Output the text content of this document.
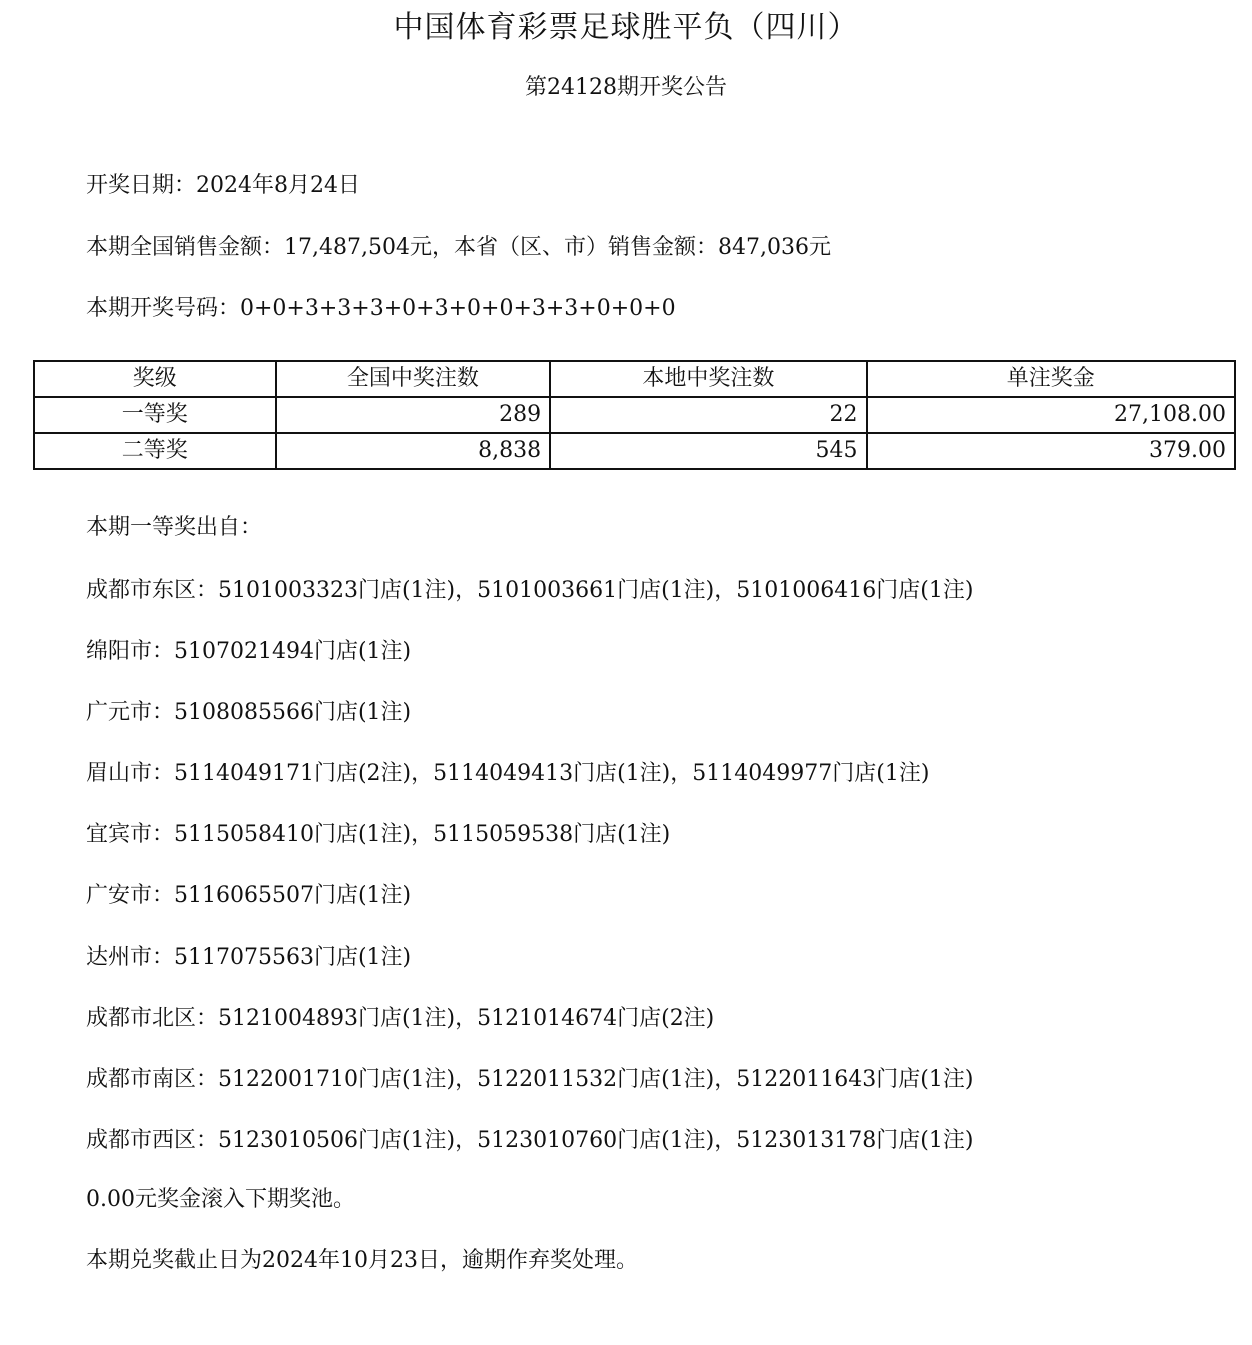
中国体育彩票足球胜平负（四川）
第24128期开奖公告
开奖日期：2024年8月24日
本期全国销售金额：17,487,504元，本省（区、市）销售金额：847,036元
本期开奖号码：0+0+3+3+3+0+3+0+0+3+3+0+0+0
奖级	全国中奖注数	本地中奖注数	单注奖金
一等奖	289	22	27,108.00
二等奖	8,838	545	379.00
本期一等奖出自：
成都市东区：5101003323门店(1注)，5101003661门店(1注)，5101006416门店(1注)
绵阳市：5107021494门店(1注)
广元市：5108085566门店(1注)
眉山市：5114049171门店(2注)，5114049413门店(1注)，5114049977门店(1注)
宜宾市：5115058410门店(1注)，5115059538门店(1注)
广安市：5116065507门店(1注)
达州市：5117075563门店(1注)
成都市北区：5121004893门店(1注)，5121014674门店(2注)
成都市南区：5122001710门店(1注)，5122011532门店(1注)，5122011643门店(1注)
成都市西区：5123010506门店(1注)，5123010760门店(1注)，5123013178门店(1注)
0.00元奖金滚入下期奖池。
本期兑奖截止日为2024年10月23日，逾期作弃奖处理。
